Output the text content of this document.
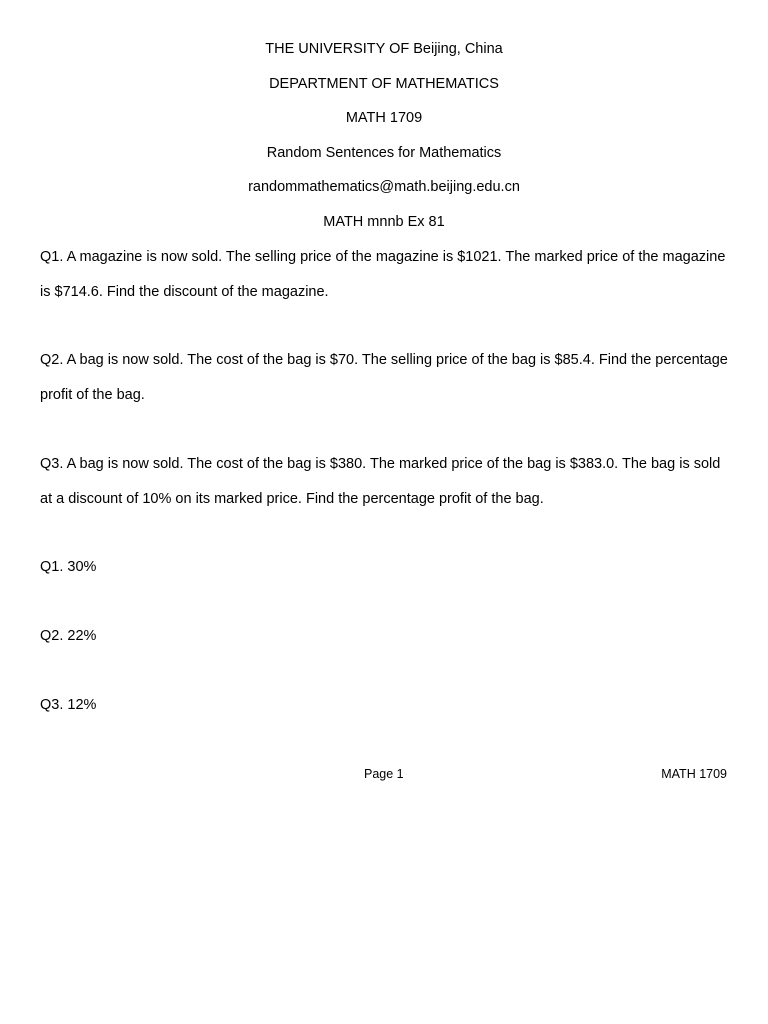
THE UNIVERSITY OF Beijing, China
DEPARTMENT OF MATHEMATICS
MATH 1709
Random Sentences for Mathematics
randommathematics@math.beijing.edu.cn
MATH mnnb Ex 81
Q1. A magazine is now sold. The selling price of the magazine is $1021. The marked price of the magazine is $714.6. Find the discount of the magazine.
Q2. A bag is now sold. The cost of the bag is $70. The selling price of the bag is $85.4. Find the percentage profit of the bag.
Q3. A bag is now sold. The cost of the bag is $380. The marked price of the bag is $383.0. The bag is sold at a discount of 10% on its marked price. Find the percentage profit of the bag.
Q1. 30%
Q2. 22%
Q3. 12%
Page 1	MATH 1709
